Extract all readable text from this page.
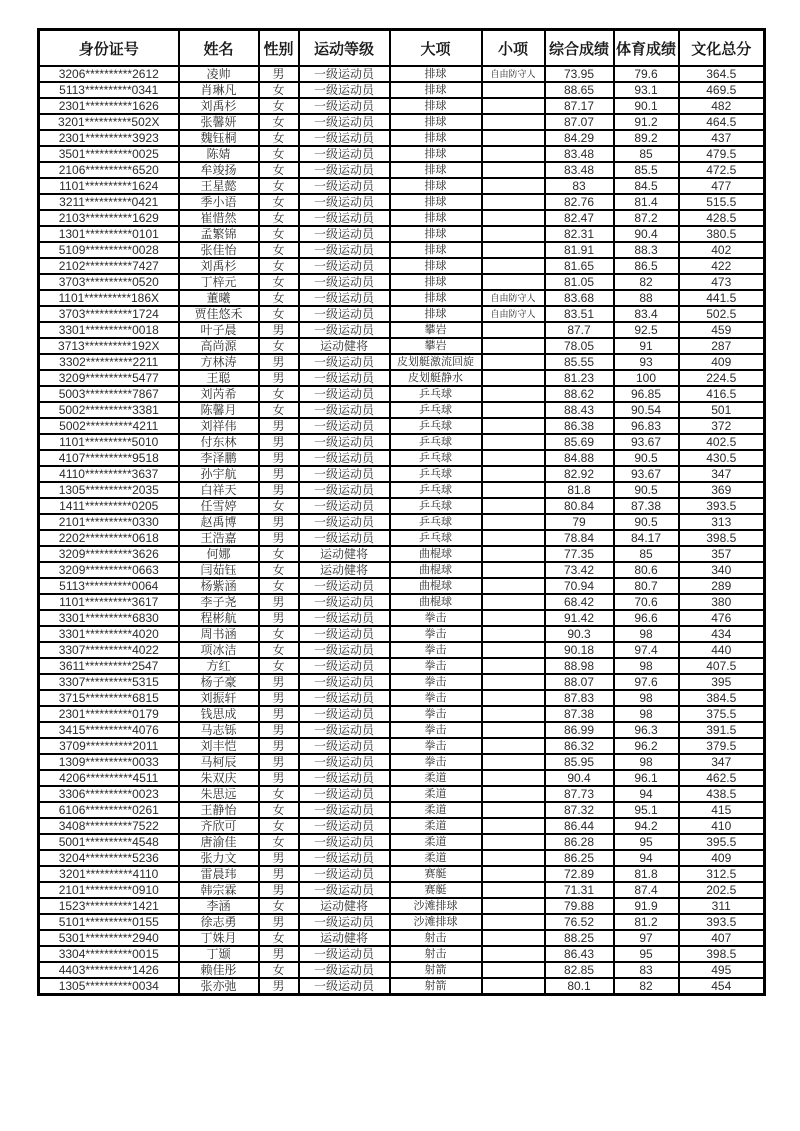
身份证号	姓名	性别	运动等级	大项	小项	综合成绩	体育成绩	文化总分
3206**********2612	凌帅	男	一级运动员	排球	自由防守人	73.95	79.6	364.5
5113**********0341	肖琳凡	女	一级运动员	排球		88.65	93.1	469.5
2301**********1626	刘禹杉	女	一级运动员	排球		87.17	90.1	482
3201**********502X	张馨妍	女	一级运动员	排球		87.07	91.2	464.5
2301**********3923	魏钰桐	女	一级运动员	排球		84.29	89.2	437
3501**********0025	陈婧	女	一级运动员	排球		83.48	85	479.5
2106**********6520	牟竣扬	女	一级运动员	排球		83.48	85.5	472.5
1101**********1624	王星懿	女	一级运动员	排球		83	84.5	477
3211**********0421	季小语	女	一级运动员	排球		82.76	81.4	515.5
2103**********1629	崔惜然	女	一级运动员	排球		82.47	87.2	428.5
1301**********0101	孟繁锦	女	一级运动员	排球		82.31	90.4	380.5
5109**********0028	张佳怡	女	一级运动员	排球		81.91	88.3	402
2102**********7427	刘禹杉	女	一级运动员	排球		81.65	86.5	422
3703**********0520	丁梓元	女	一级运动员	排球		81.05	82	473
1101**********186X	董曦	女	一级运动员	排球	自由防守人	83.68	88	441.5
3703**********1724	贾佳悠禾	女	一级运动员	排球	自由防守人	83.51	83.4	502.5
3301**********0018	叶子晨	男	一级运动员	攀岩		87.7	92.5	459
3713**********192X	高尚源	女	运动健将	攀岩		78.05	91	287
3302**********2211	方林涛	男	一级运动员	皮划艇激流回旋		85.55	93	409
3209**********5477	王聪	男	一级运动员	皮划艇静水		81.23	100	224.5
5003**********7867	刘芮希	女	一级运动员	乒乓球		88.62	96.85	416.5
5002**********3381	陈馨月	女	一级运动员	乒乓球		88.43	90.54	501
5002**********4211	刘祥伟	男	一级运动员	乒乓球		86.38	96.83	372
1101**********5010	付东林	男	一级运动员	乒乓球		85.69	93.67	402.5
4107**********9518	李泽鹏	男	一级运动员	乒乓球		84.88	90.5	430.5
4110**********3637	孙宇航	男	一级运动员	乒乓球		82.92	93.67	347
1305**********2035	白祥天	男	一级运动员	乒乓球		81.8	90.5	369
1411**********0205	任雪婷	女	一级运动员	乒乓球		80.84	87.38	393.5
2101**********0330	赵禹博	男	一级运动员	乒乓球		79	90.5	313
2202**********0618	王浩嘉	男	一级运动员	乒乓球		78.84	84.17	398.5
3209**********3626	何娜	女	运动健将	曲棍球		77.35	85	357
3209**********0663	闫茹钰	女	运动健将	曲棍球		73.42	80.6	340
5113**********0064	杨紫涵	女	一级运动员	曲棍球		70.94	80.7	289
1101**********3617	李子尧	男	一级运动员	曲棍球		68.42	70.6	380
3301**********6830	程彬航	男	一级运动员	拳击		91.42	96.6	476
3301**********4020	周书涵	女	一级运动员	拳击		90.3	98	434
3307**********4022	项冰洁	女	一级运动员	拳击		90.18	97.4	440
3611**********2547	方红	女	一级运动员	拳击		88.98	98	407.5
3307**********5315	杨子豪	男	一级运动员	拳击		88.07	97.6	395
3715**********6815	刘振轩	男	一级运动员	拳击		87.83	98	384.5
2301**********0179	钱思成	男	一级运动员	拳击		87.38	98	375.5
3415**********4076	马志铄	男	一级运动员	拳击		86.99	96.3	391.5
3709**********2011	刘丰恺	男	一级运动员	拳击		86.32	96.2	379.5
1309**********0033	马柯辰	男	一级运动员	拳击		85.95	98	347
4206**********4511	朱双庆	男	一级运动员	柔道		90.4	96.1	462.5
3306**********0023	朱思远	女	一级运动员	柔道		87.73	94	438.5
6106**********0261	王静怡	女	一级运动员	柔道		87.32	95.1	415
3408**********7522	齐欣可	女	一级运动员	柔道		86.44	94.2	410
5001**********4548	唐渝佳	女	一级运动员	柔道		86.28	95	395.5
3204**********5236	张力文	男	一级运动员	柔道		86.25	94	409
3201**********4110	雷晨玮	男	一级运动员	赛艇		72.89	81.8	312.5
2101**********0910	韩宗霖	男	一级运动员	赛艇		71.31	87.4	202.5
1523**********1421	李涵	女	运动健将	沙滩排球		79.88	91.9	311
5101**********0155	徐志勇	男	一级运动员	沙滩排球		76.52	81.2	393.5
5301**********2940	丁姝月	女	运动健将	射击		88.25	97	407
3304**********0015	丁颋	男	一级运动员	射击		86.43	95	398.5
4403**********1426	赖佳彤	女	一级运动员	射箭		82.85	83	495
1305**********0034	张亦弛	男	一级运动员	射箭		80.1	82	454
